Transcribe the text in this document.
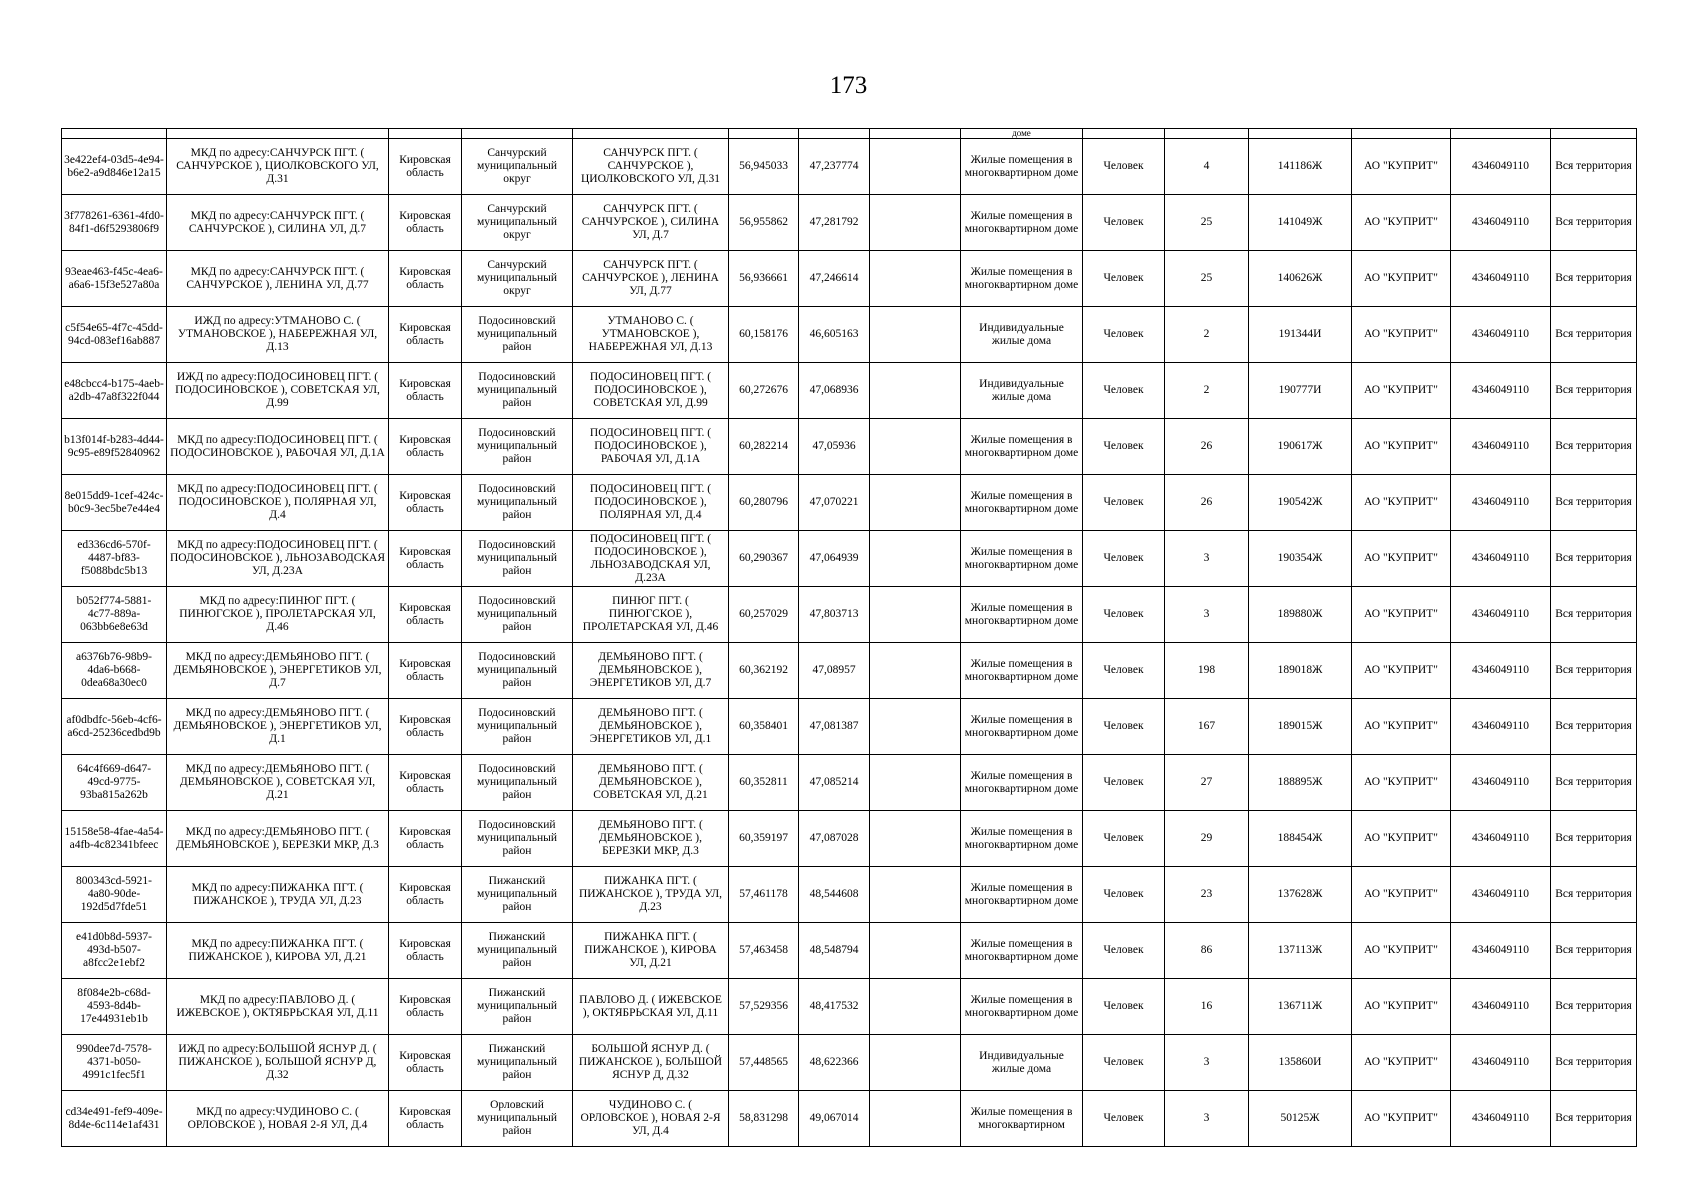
173
								доме						
3e422ef4-03d5-4e94-b6e2-a9d846e12a15	МКД по адресу:САНЧУРСК ПГТ. ( САНЧУРСКОЕ ), ЦИОЛКОВСКОГО УЛ, Д.31	Кировская область	Санчурский муниципальный округ	САНЧУРСК ПГТ. ( САНЧУРСКОЕ ), ЦИОЛКОВСКОГО УЛ, Д.31	56,945033	47,237774		Жилые помещения в многоквартирном доме	Человек	4	141186Ж	АО "КУПРИТ"	4346049110	Вся территория
3f778261-6361-4fd0-84f1-d6f5293806f9	МКД по адресу:САНЧУРСК ПГТ. ( САНЧУРСКОЕ ), СИЛИНА УЛ, Д.7	Кировская область	Санчурский муниципальный округ	САНЧУРСК ПГТ. ( САНЧУРСКОЕ ), СИЛИНА УЛ, Д.7	56,955862	47,281792		Жилые помещения в многоквартирном доме	Человек	25	141049Ж	АО "КУПРИТ"	4346049110	Вся территория
93eae463-f45c-4ea6-a6a6-15f3e527a80a	МКД по адресу:САНЧУРСК ПГТ. ( САНЧУРСКОЕ ), ЛЕНИНА УЛ, Д.77	Кировская область	Санчурский муниципальный округ	САНЧУРСК ПГТ. ( САНЧУРСКОЕ ), ЛЕНИНА УЛ, Д.77	56,936661	47,246614		Жилые помещения в многоквартирном доме	Человек	25	140626Ж	АО "КУПРИТ"	4346049110	Вся территория
c5f54e65-4f7c-45dd-94cd-083ef16ab887	ИЖД по адресу:УТМАНОВО С. ( УТМАНОВСКОЕ ), НАБЕРЕЖНАЯ УЛ, Д.13	Кировская область	Подосиновский муниципальный район	УТМАНОВО С. ( УТМАНОВСКОЕ ), НАБЕРЕЖНАЯ УЛ, Д.13	60,158176	46,605163		Индивидуальные жилые дома	Человек	2	191344И	АО "КУПРИТ"	4346049110	Вся территория
e48cbcc4-b175-4aeb-a2db-47a8f322f044	ИЖД по адресу:ПОДОСИНОВЕЦ ПГТ. ( ПОДОСИНОВСКОЕ ), СОВЕТСКАЯ УЛ, Д.99	Кировская область	Подосиновский муниципальный район	ПОДОСИНОВЕЦ ПГТ. ( ПОДОСИНОВСКОЕ ), СОВЕТСКАЯ УЛ, Д.99	60,272676	47,068936		Индивидуальные жилые дома	Человек	2	190777И	АО "КУПРИТ"	4346049110	Вся территория
b13f014f-b283-4d44-9c95-e89f52840962	МКД по адресу:ПОДОСИНОВЕЦ ПГТ. ( ПОДОСИНОВСКОЕ ), РАБОЧАЯ УЛ, Д.1А	Кировская область	Подосиновский муниципальный район	ПОДОСИНОВЕЦ ПГТ. ( ПОДОСИНОВСКОЕ ), РАБОЧАЯ УЛ, Д.1А	60,282214	47,05936		Жилые помещения в многоквартирном доме	Человек	26	190617Ж	АО "КУПРИТ"	4346049110	Вся территория
8e015dd9-1cef-424c-b0c9-3ec5be7e44e4	МКД по адресу:ПОДОСИНОВЕЦ ПГТ. ( ПОДОСИНОВСКОЕ ), ПОЛЯРНАЯ УЛ, Д.4	Кировская область	Подосиновский муниципальный район	ПОДОСИНОВЕЦ ПГТ. ( ПОДОСИНОВСКОЕ ), ПОЛЯРНАЯ УЛ, Д.4	60,280796	47,070221		Жилые помещения в многоквартирном доме	Человек	26	190542Ж	АО "КУПРИТ"	4346049110	Вся территория
ed336cd6-570f-4487-bf83-f5088bdc5b13	МКД по адресу:ПОДОСИНОВЕЦ ПГТ. ( ПОДОСИНОВСКОЕ ), ЛЬНОЗАВОДСКАЯ УЛ, Д.23А	Кировская область	Подосиновский муниципальный район	ПОДОСИНОВЕЦ ПГТ. ( ПОДОСИНОВСКОЕ ), ЛЬНОЗАВОДСКАЯ УЛ, Д.23А	60,290367	47,064939		Жилые помещения в многоквартирном доме	Человек	3	190354Ж	АО "КУПРИТ"	4346049110	Вся территория
b052f774-5881-4c77-889a-063bb6e8e63d	МКД по адресу:ПИНЮГ ПГТ. ( ПИНЮГСКОЕ ), ПРОЛЕТАРСКАЯ УЛ, Д.46	Кировская область	Подосиновский муниципальный район	ПИНЮГ ПГТ. ( ПИНЮГСКОЕ ), ПРОЛЕТАРСКАЯ УЛ, Д.46	60,257029	47,803713		Жилые помещения в многоквартирном доме	Человек	3	189880Ж	АО "КУПРИТ"	4346049110	Вся территория
a6376b76-98b9-4da6-b668-0dea68a30ec0	МКД по адресу:ДЕМЬЯНОВО ПГТ. ( ДЕМЬЯНОВСКОЕ ), ЭНЕРГЕТИКОВ УЛ, Д.7	Кировская область	Подосиновский муниципальный район	ДЕМЬЯНОВО ПГТ. ( ДЕМЬЯНОВСКОЕ ), ЭНЕРГЕТИКОВ УЛ, Д.7	60,362192	47,08957		Жилые помещения в многоквартирном доме	Человек	198	189018Ж	АО "КУПРИТ"	4346049110	Вся территория
af0dbdfc-56eb-4cf6-a6cd-25236cedbd9b	МКД по адресу:ДЕМЬЯНОВО ПГТ. ( ДЕМЬЯНОВСКОЕ ), ЭНЕРГЕТИКОВ УЛ, Д.1	Кировская область	Подосиновский муниципальный район	ДЕМЬЯНОВО ПГТ. ( ДЕМЬЯНОВСКОЕ ), ЭНЕРГЕТИКОВ УЛ, Д.1	60,358401	47,081387		Жилые помещения в многоквартирном доме	Человек	167	189015Ж	АО "КУПРИТ"	4346049110	Вся территория
64c4f669-d647-49cd-9775-93ba815a262b	МКД по адресу:ДЕМЬЯНОВО ПГТ. ( ДЕМЬЯНОВСКОЕ ), СОВЕТСКАЯ УЛ, Д.21	Кировская область	Подосиновский муниципальный район	ДЕМЬЯНОВО ПГТ. ( ДЕМЬЯНОВСКОЕ ), СОВЕТСКАЯ УЛ, Д.21	60,352811	47,085214		Жилые помещения в многоквартирном доме	Человек	27	188895Ж	АО "КУПРИТ"	4346049110	Вся территория
15158e58-4fae-4a54-a4fb-4c82341bfeec	МКД по адресу:ДЕМЬЯНОВО ПГТ. ( ДЕМЬЯНОВСКОЕ ), БЕРЕЗКИ МКР, Д.3	Кировская область	Подосиновский муниципальный район	ДЕМЬЯНОВО ПГТ. ( ДЕМЬЯНОВСКОЕ ), БЕРЕЗКИ МКР, Д.3	60,359197	47,087028		Жилые помещения в многоквартирном доме	Человек	29	188454Ж	АО "КУПРИТ"	4346049110	Вся территория
800343cd-5921-4a80-90de-192d5d7fde51	МКД по адресу:ПИЖАНКА ПГТ. ( ПИЖАНСКОЕ ), ТРУДА УЛ, Д.23	Кировская область	Пижанский муниципальный район	ПИЖАНКА ПГТ. ( ПИЖАНСКОЕ ), ТРУДА УЛ, Д.23	57,461178	48,544608		Жилые помещения в многоквартирном доме	Человек	23	137628Ж	АО "КУПРИТ"	4346049110	Вся территория
e41d0b8d-5937-493d-b507-a8fcc2e1ebf2	МКД по адресу:ПИЖАНКА ПГТ. ( ПИЖАНСКОЕ ), КИРОВА УЛ, Д.21	Кировская область	Пижанский муниципальный район	ПИЖАНКА ПГТ. ( ПИЖАНСКОЕ ), КИРОВА УЛ, Д.21	57,463458	48,548794		Жилые помещения в многоквартирном доме	Человек	86	137113Ж	АО "КУПРИТ"	4346049110	Вся территория
8f084e2b-c68d-4593-8d4b-17e44931eb1b	МКД по адресу:ПАВЛОВО Д. ( ИЖЕВСКОЕ ), ОКТЯБРЬСКАЯ УЛ, Д.11	Кировская область	Пижанский муниципальный район	ПАВЛОВО Д. ( ИЖЕВСКОЕ ), ОКТЯБРЬСКАЯ УЛ, Д.11	57,529356	48,417532		Жилые помещения в многоквартирном доме	Человек	16	136711Ж	АО "КУПРИТ"	4346049110	Вся территория
990dee7d-7578-4371-b050-4991c1fec5f1	ИЖД по адресу:БОЛЬШОЙ ЯСНУР Д. ( ПИЖАНСКОЕ ), БОЛЬШОЙ ЯСНУР Д, Д.32	Кировская область	Пижанский муниципальный район	БОЛЬШОЙ ЯСНУР Д. ( ПИЖАНСКОЕ ), БОЛЬШОЙ ЯСНУР Д, Д.32	57,448565	48,622366		Индивидуальные жилые дома	Человек	3	135860И	АО "КУПРИТ"	4346049110	Вся территория
cd34e491-fef9-409e-8d4e-6c114e1af431	МКД по адресу:ЧУДИНОВО С. ( ОРЛОВСКОЕ ), НОВАЯ 2-Я УЛ, Д.4	Кировская область	Орловский муниципальный район	ЧУДИНОВО С. ( ОРЛОВСКОЕ ), НОВАЯ 2-Я УЛ, Д.4	58,831298	49,067014		Жилые помещения в многоквартирном	Человек	3	50125Ж	АО "КУПРИТ"	4346049110	Вся территория
